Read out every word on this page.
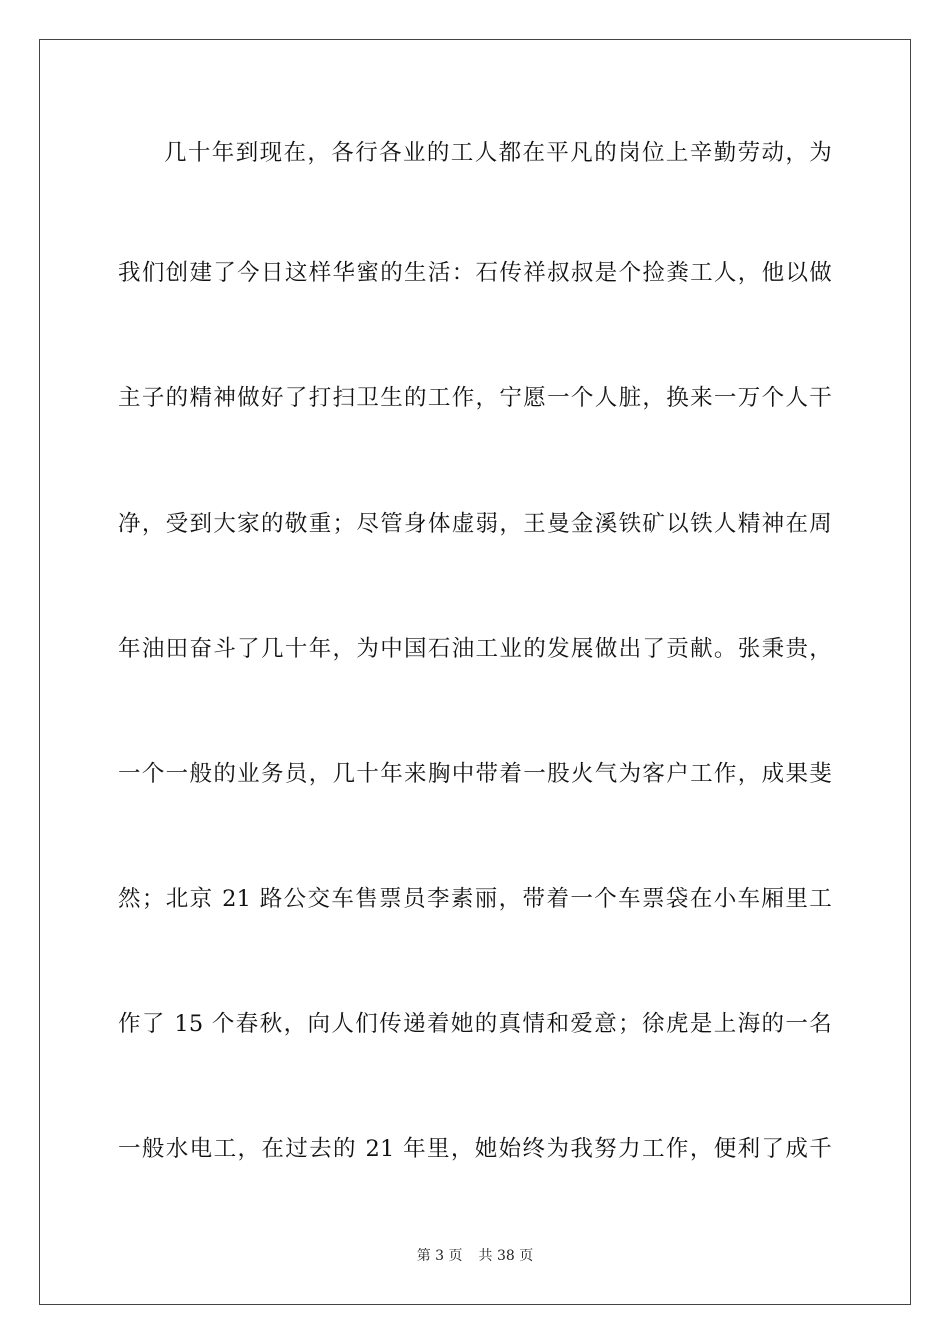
几十年到现在，各行各业的工人都在平凡的岗位上辛勤劳动，为
我们创建了今日这样华蜜的生活：石传祥叔叔是个捡粪工人，他以做
主子的精神做好了打扫卫生的工作，宁愿一个人脏，换来一万个人干
净，受到大家的敬重；尽管身体虚弱，王曼金溪铁矿以铁人精神在周
年油田奋斗了几十年，为中国石油工业的发展做出了贡献。张秉贵，
一个一般的业务员，几十年来胸中带着一股火气为客户工作，成果斐
然；北京 21 路公交车售票员李素丽，带着一个车票袋在小车厢里工
作了 15 个春秋，向人们传递着她的真情和爱意；徐虎是上海的一名
一般水电工，在过去的 21 年里，她始终为我努力工作，便利了成千
第 3 页 共 38 页
